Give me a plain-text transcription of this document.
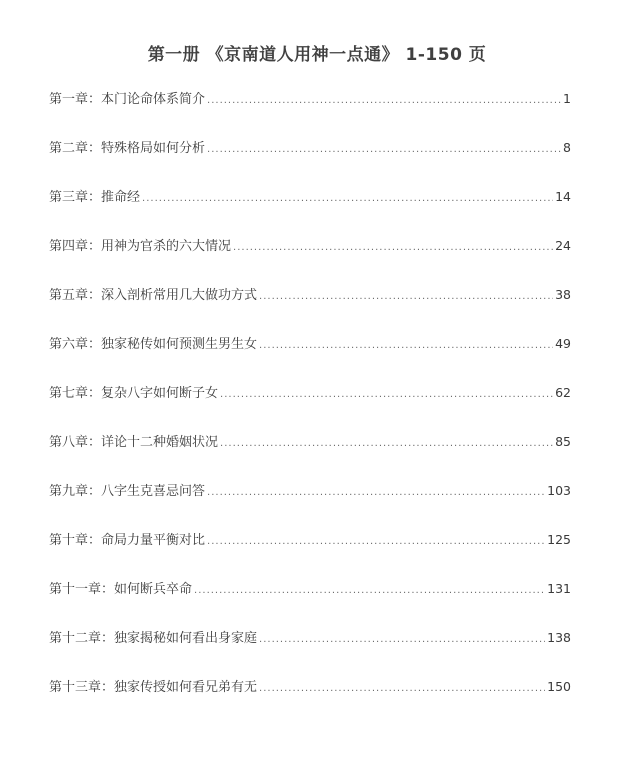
第一册 《京南道人用神一点通》 1-150 页
第一章： 本门论命体系简介 .....	1
第二章： 特殊格局如何分析 .....	8
第三章： 推命经 .....	14
第四章： 用神为官杀的六大情况 .....	24
第五章： 深入剖析常用几大做功方式 .....	38
第六章： 独家秘传如何预测生男生女 .....	49
第七章： 复杂八字如何断子女 .....	62
第八章： 详论十二种婚姻状况 .....	85
第九章： 八字生克喜忌问答 .....	103
第十章： 命局力量平衡对比 .....	125
第十一章： 如何断兵卒命 .....	131
第十二章： 独家揭秘如何看出身家庭 .....	138
第十三章： 独家传授如何看兄弟有无 .....	150
